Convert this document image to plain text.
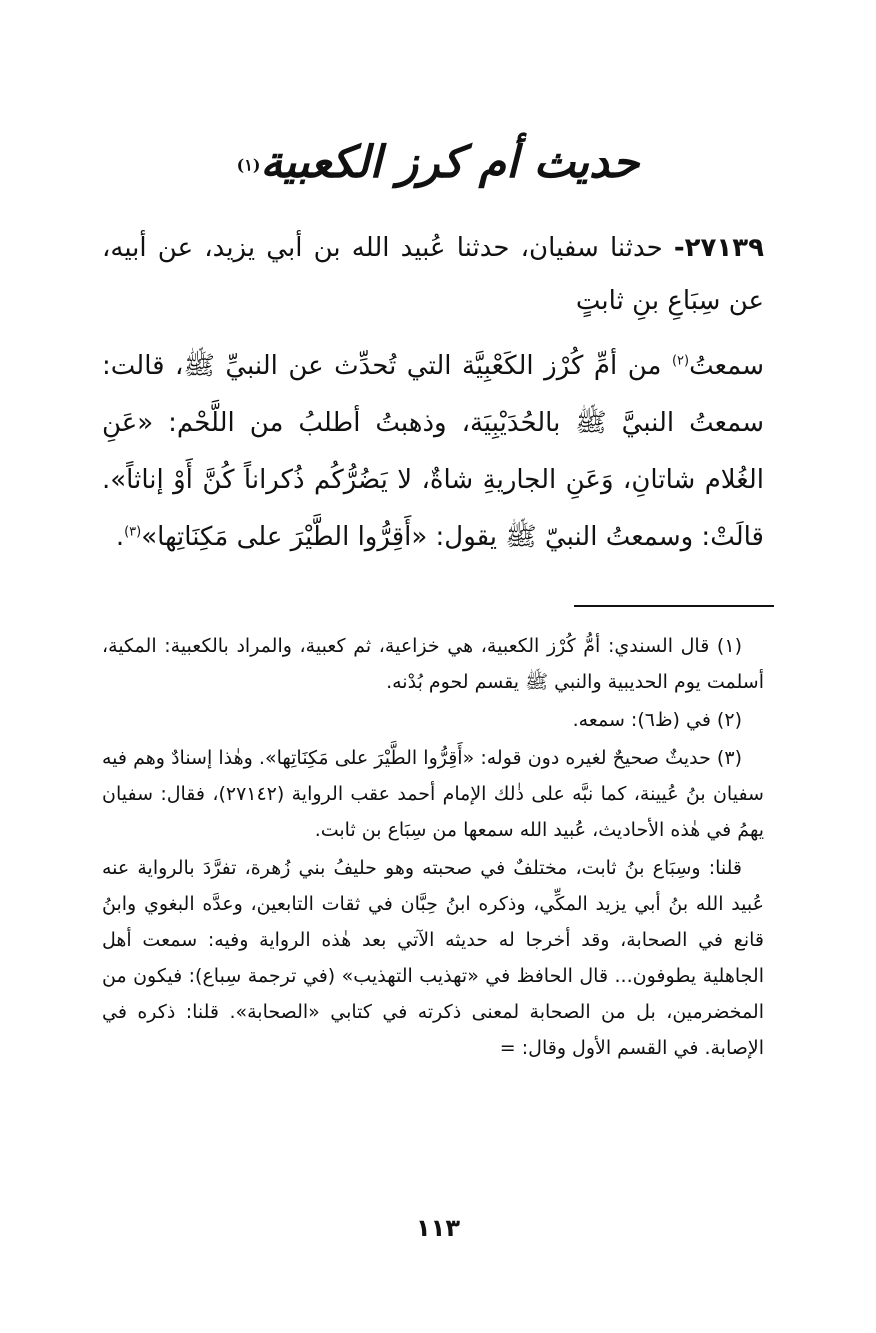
حديث أم كرز الكعبية(١)

٢٧١٣٩- حدثنا سفيان، حدثنا عُبيد الله بن أبي يزيد، عن أبيه، عن سِبَاعِ بنِ ثابتٍ

سمعتُ$^{(٢)}$ من أمِّ كُرْز الكَعْبِيَّة التي تُحدِّث عن النبيِّ ﷺ، قالت: سمعتُ النبيَّ ﷺ بالحُدَيْبِيَة، وذهبتُ أطلبُ من اللَّحْم: «عَنِ الغُلام شاتانِ، وَعَنِ الجاريةِ شاةٌ، لا يَضُرُّكُم ذُكراناً كُنَّ أَوْ إناثاً». قالَتْ: وسمعتُ النبيّ ﷺ يقول: «أَقِرُّوا الطَّيْرَ على مَكِنَاتِها»$^{(٣)}$.

(١) قال السندي: أمُّ كُرْز الكعبية، هي خزاعية، ثم كعبية، والمراد بالكعبية: المكية، أسلمت يوم الحديبية والنبي ﷺ يقسم لحوم بُدْنه.

(٢) في (ظ٦): سمعه.

(٣) حديثٌ صحيحٌ لغيره دون قوله: «أَقِرُّوا الطَّيْرَ على مَكِنَاتِها». وهٰذا إسنادٌ وهم فيه سفيان بنُ عُيينة، كما نبَّه على ذٰلك الإمام أحمد عقب الرواية (٢٧١٤٢)، فقال: سفيان يهمُ في هٰذه الأحاديث، عُبيد الله سمعها من سِبَاع بن ثابت.

قلنا: وسِبَاع بنُ ثابت، مختلفٌ في صحبته وهو حليفُ بني زُهرة، تفرَّدَ بالرواية عنه عُبيد الله بنُ أبي يزيد المكِّي، وذكره ابنُ حِبَّان في ثقات التابعين، وعدَّه البغوي وابنُ قانع في الصحابة، وقد أخرجا له حديثه الآتي بعد هٰذه الرواية وفيه: سمعت أهل الجاهلية يطوفون... قال الحافظ في «تهذيب التهذيب» (في ترجمة سِباع): فيكون من المخضرمين، بل من الصحابة لمعنى ذكرته في كتابي «الصحابة». قلنا: ذكره في الإصابة. في القسم الأول وقال: =

١١٣
